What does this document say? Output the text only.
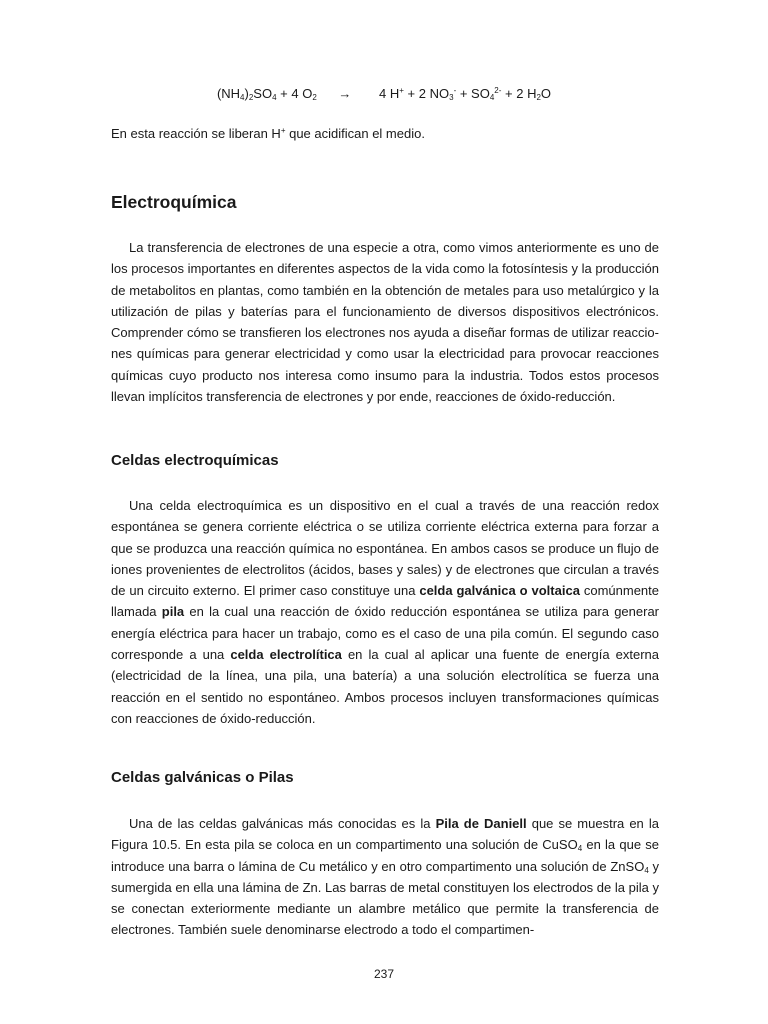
$(NH_4)_2SO_4 + 4$ $O_2 \to 4$ H+ + 2 $NO_3^- + SO_4^{2-} + 2$ $H_2O$
En esta reacción se liberan H+ que acidifican el medio.
Electroquímica

La transferencia de electrones de una especie a otra, como vimos anteriormente es uno de los procesos importantes en diferentes aspectos de la vida como la fotosíntesis y la producción de metabolitos en plantas, como también en la obtención de metales para uso metalúrgico y la utilización de pilas y baterías para el funcionamiento de diversos dispositivos electrónicos. Comprender cómo se transfieren los electrones nos ayuda a diseñar formas de utilizar reacciones químicas para generar electricidad y como usar la electricidad para provocar reacciones químicas cuyo producto nos interesa como insumo para la industria. Todos estos procesos llevan implícitos transferencia de electrones y por ende, reacciones de óxido-reducción.

Celdas electroquímicas

Una celda electroquímica es un dispositivo en el cual a través de una reacción redox espontánea se genera corriente eléctrica o se utiliza corriente eléctrica externa para forzar a que se produzca una reacción química no espontánea. En ambos casos se produce un flujo de iones provenientes de electrolitos (ácidos, bases y sales) y de electrones que circulan a través de un circuito externo. El primer caso constituye una celda galvánica o voltaica comúnmente llamada pila en la cual una reacción de óxido reducción espontánea se utiliza para generar energía eléctrica para hacer un trabajo, como es el caso de una pila común. El segundo caso corresponde a una celda electrolítica en la cual al aplicar una fuente de energía externa (electricidad de la línea, una pila, una batería) a una solución electrolítica se fuerza una reacción en el sentido no espontáneo. Ambos procesos incluyen transformaciones químicas con reacciones de óxido-reducción.

Celdas galvánicas o Pilas

Una de las celdas galvánicas más conocidas es la Pila de Daniell que se muestra en la Figura 10.5. En esta pila se coloca en un compartimento una solución de CuSO$_4$ en la que se introduce una barra o lámina de Cu metálico y en otro compartimento una solución de ZnSO$_4$ y sumergida en ella una lámina de Zn. Las barras de metal constituyen los electrodos de la pila y se conectan exteriormente mediante un alambre metálico que permite la transferencia de electrones. También suele denominarse electrodo a todo el compartimen-

237
